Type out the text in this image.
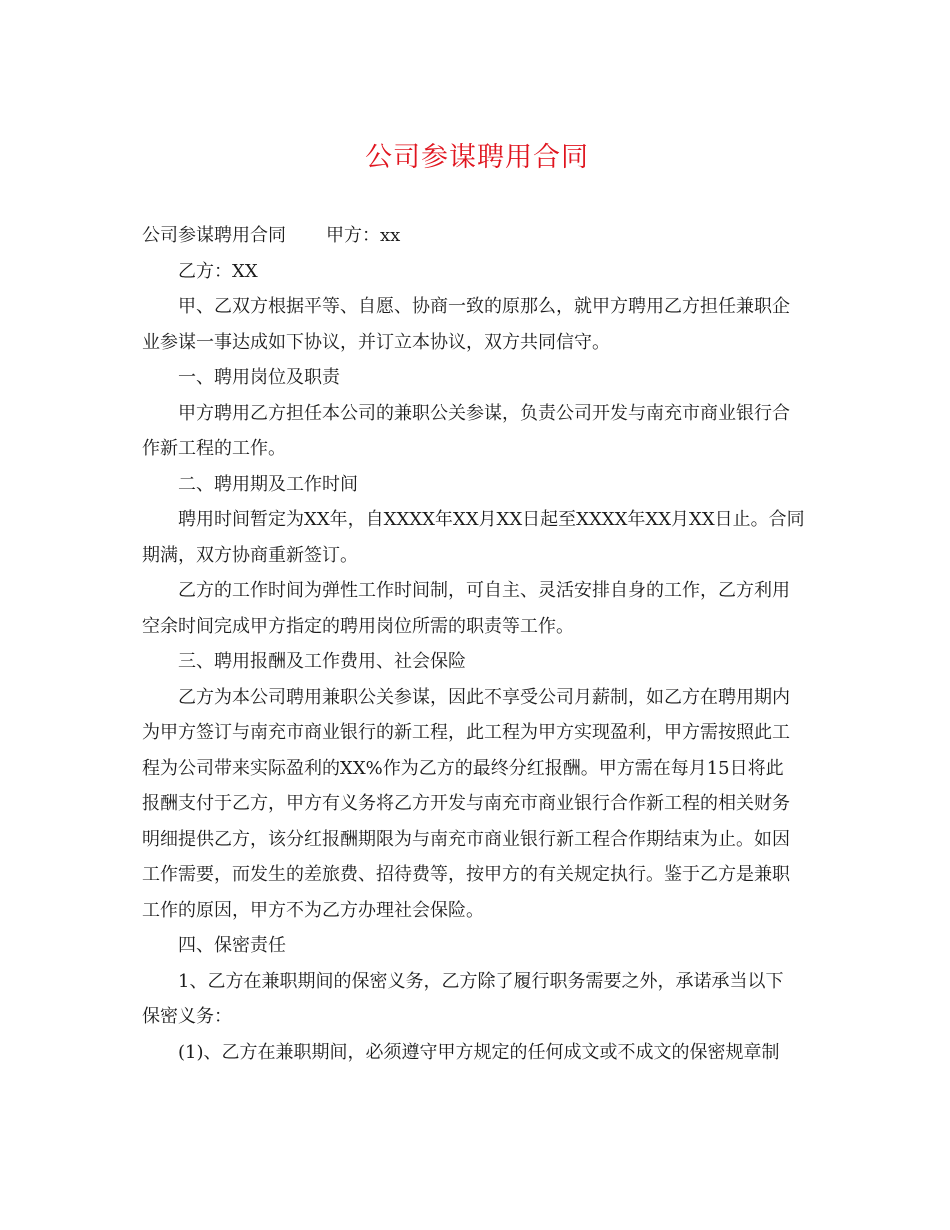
公司参谋聘用合同

公司参谋聘用合同 甲方：xx

乙方：XX

甲、乙双方根据平等、自愿、协商一致的原那么，就甲方聘用乙方担任兼职企

业参谋一事达成如下协议，并订立本协议，双方共同信守。

一、聘用岗位及职责

甲方聘用乙方担任本公司的兼职公关参谋，负责公司开发与南充市商业银行合

作新工程的工作。

二、聘用期及工作时间

聘用时间暂定为XX年，自XXXX年XX月XX日起至XXXX年XX月XX日止。合同

期满，双方协商重新签订。

乙方的工作时间为弹性工作时间制，可自主、灵活安排自身的工作，乙方利用

空余时间完成甲方指定的聘用岗位所需的职责等工作。

三、聘用报酬及工作费用、社会保险

乙方为本公司聘用兼职公关参谋，因此不享受公司月薪制，如乙方在聘用期内

为甲方签订与南充市商业银行的新工程，此工程为甲方实现盈利，甲方需按照此工

程为公司带来实际盈利的XX%作为乙方的最终分红报酬。甲方需在每月15日将此

报酬支付于乙方，甲方有义务将乙方开发与南充市商业银行合作新工程的相关财务

明细提供乙方，该分红报酬期限为与南充市商业银行新工程合作期结束为止。如因

工作需要，而发生的差旅费、招待费等，按甲方的有关规定执行。鉴于乙方是兼职

工作的原因，甲方不为乙方办理社会保险。

四、保密责任

1、乙方在兼职期间的保密义务，乙方除了履行职务需要之外，承诺承当以下

保密义务：

(1)、乙方在兼职期间，必须遵守甲方规定的任何成文或不成文的保密规章制
